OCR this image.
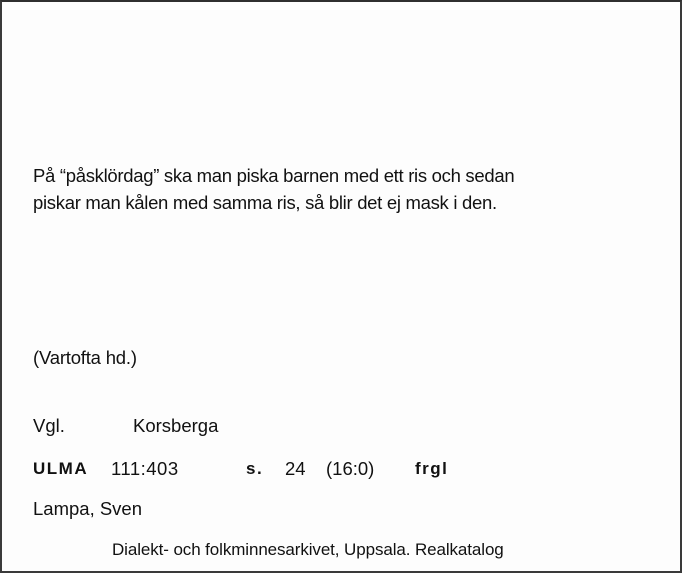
På “påsklördag” ska man piska barnen med ett ris och sedan
piskar man kålen med samma ris, så blir det ej mask i den.
(Vartofta hd.)
Vgl.	Korsberga
ULMA 111:403	s. 24 (16:0) frgl
Lampa, Sven
Dialekt- och folkminnesarkivet, Uppsala. Realkatalog
